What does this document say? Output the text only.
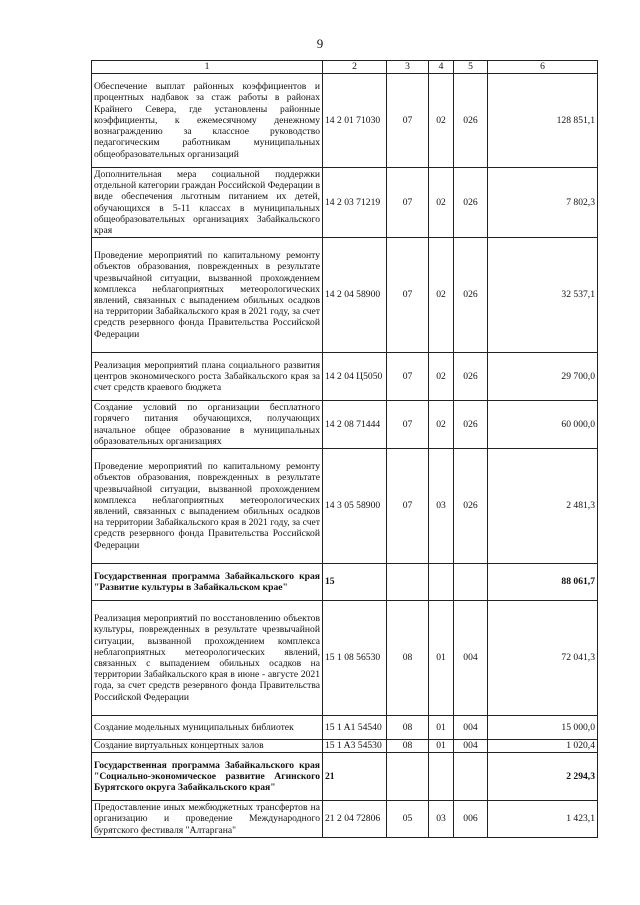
9
1	2	3	4	5	6
Обеспечение выплат районных коэффициентов и процентных надбавок за стаж работы в районах Крайнего Севера, где установлены районные коэффициенты, к ежемесячному денежному вознаграждению за классное руководство педагогическим работникам муниципальных общеобразовательных организаций	14 2 01 71030	07	02	026	128 851,1
Дополнительная мера социальной поддержки отдельной категории граждан Российской Федерации в виде обеспечения льготным питанием их детей, обучающихся в 5-11 классах в муниципальных общеобразовательных организациях Забайкальского края	14 2 03 71219	07	02	026	7 802,3
Проведение мероприятий по капитальному ремонту объектов образования, поврежденных в результате чрезвычайной ситуации, вызванной прохождением комплекса неблагоприятных метеорологических явлений, связанных с выпадением обильных осадков на территории Забайкальского края в 2021 году, за счет средств резервного фонда Правительства Российской Федерации	14 2 04 58900	07	02	026	32 537,1
Реализация мероприятий плана социального развития центров экономического роста Забайкальского края за счет средств краевого бюджета	14 2 04 Ц5050	07	02	026	29 700,0
Создание условий по организации бесплатного горячего питания обучающихся, получающих начальное общее образование в муниципальных образовательных организациях	14 2 08 71444	07	02	026	60 000,0
Проведение мероприятий по капитальному ремонту объектов образования, поврежденных в результате чрезвычайной ситуации, вызванной прохождением комплекса неблагоприятных метеорологических явлений, связанных с выпадением обильных осадков на территории Забайкальского края в 2021 году, за счет средств резервного фонда Правительства Российской Федерации	14 3 05 58900	07	03	026	2 481,3
Государственная программа Забайкальского края "Развитие культуры в Забайкальском крае"	15				88 061,7
Реализация мероприятий по восстановлению объектов культуры, поврежденных в результате чрезвычайной ситуации, вызванной прохождением комплекса неблагоприятных метеорологических явлений, связанных с выпадением обильных осадков на территории Забайкальского края в июне - августе 2021 года, за счет средств резервного фонда Правительства Российской Федерации	15 1 08 56530	08	01	004	72 041,3
Создание модельных муниципальных библиотек	15 1 A1 54540	08	01	004	15 000,0
Создание виртуальных концертных залов	15 1 A3 54530	08	01	004	1 020,4
Государственная программа Забайкальского края "Социально-экономическое развитие Агинского Бурятского округа Забайкальского края"	21				2 294,3
Предоставление иных межбюджетных трансфертов на организацию и проведение Международного бурятского фестиваля "Алтаргана"	21 2 04 72806	05	03	006	1 423,1
